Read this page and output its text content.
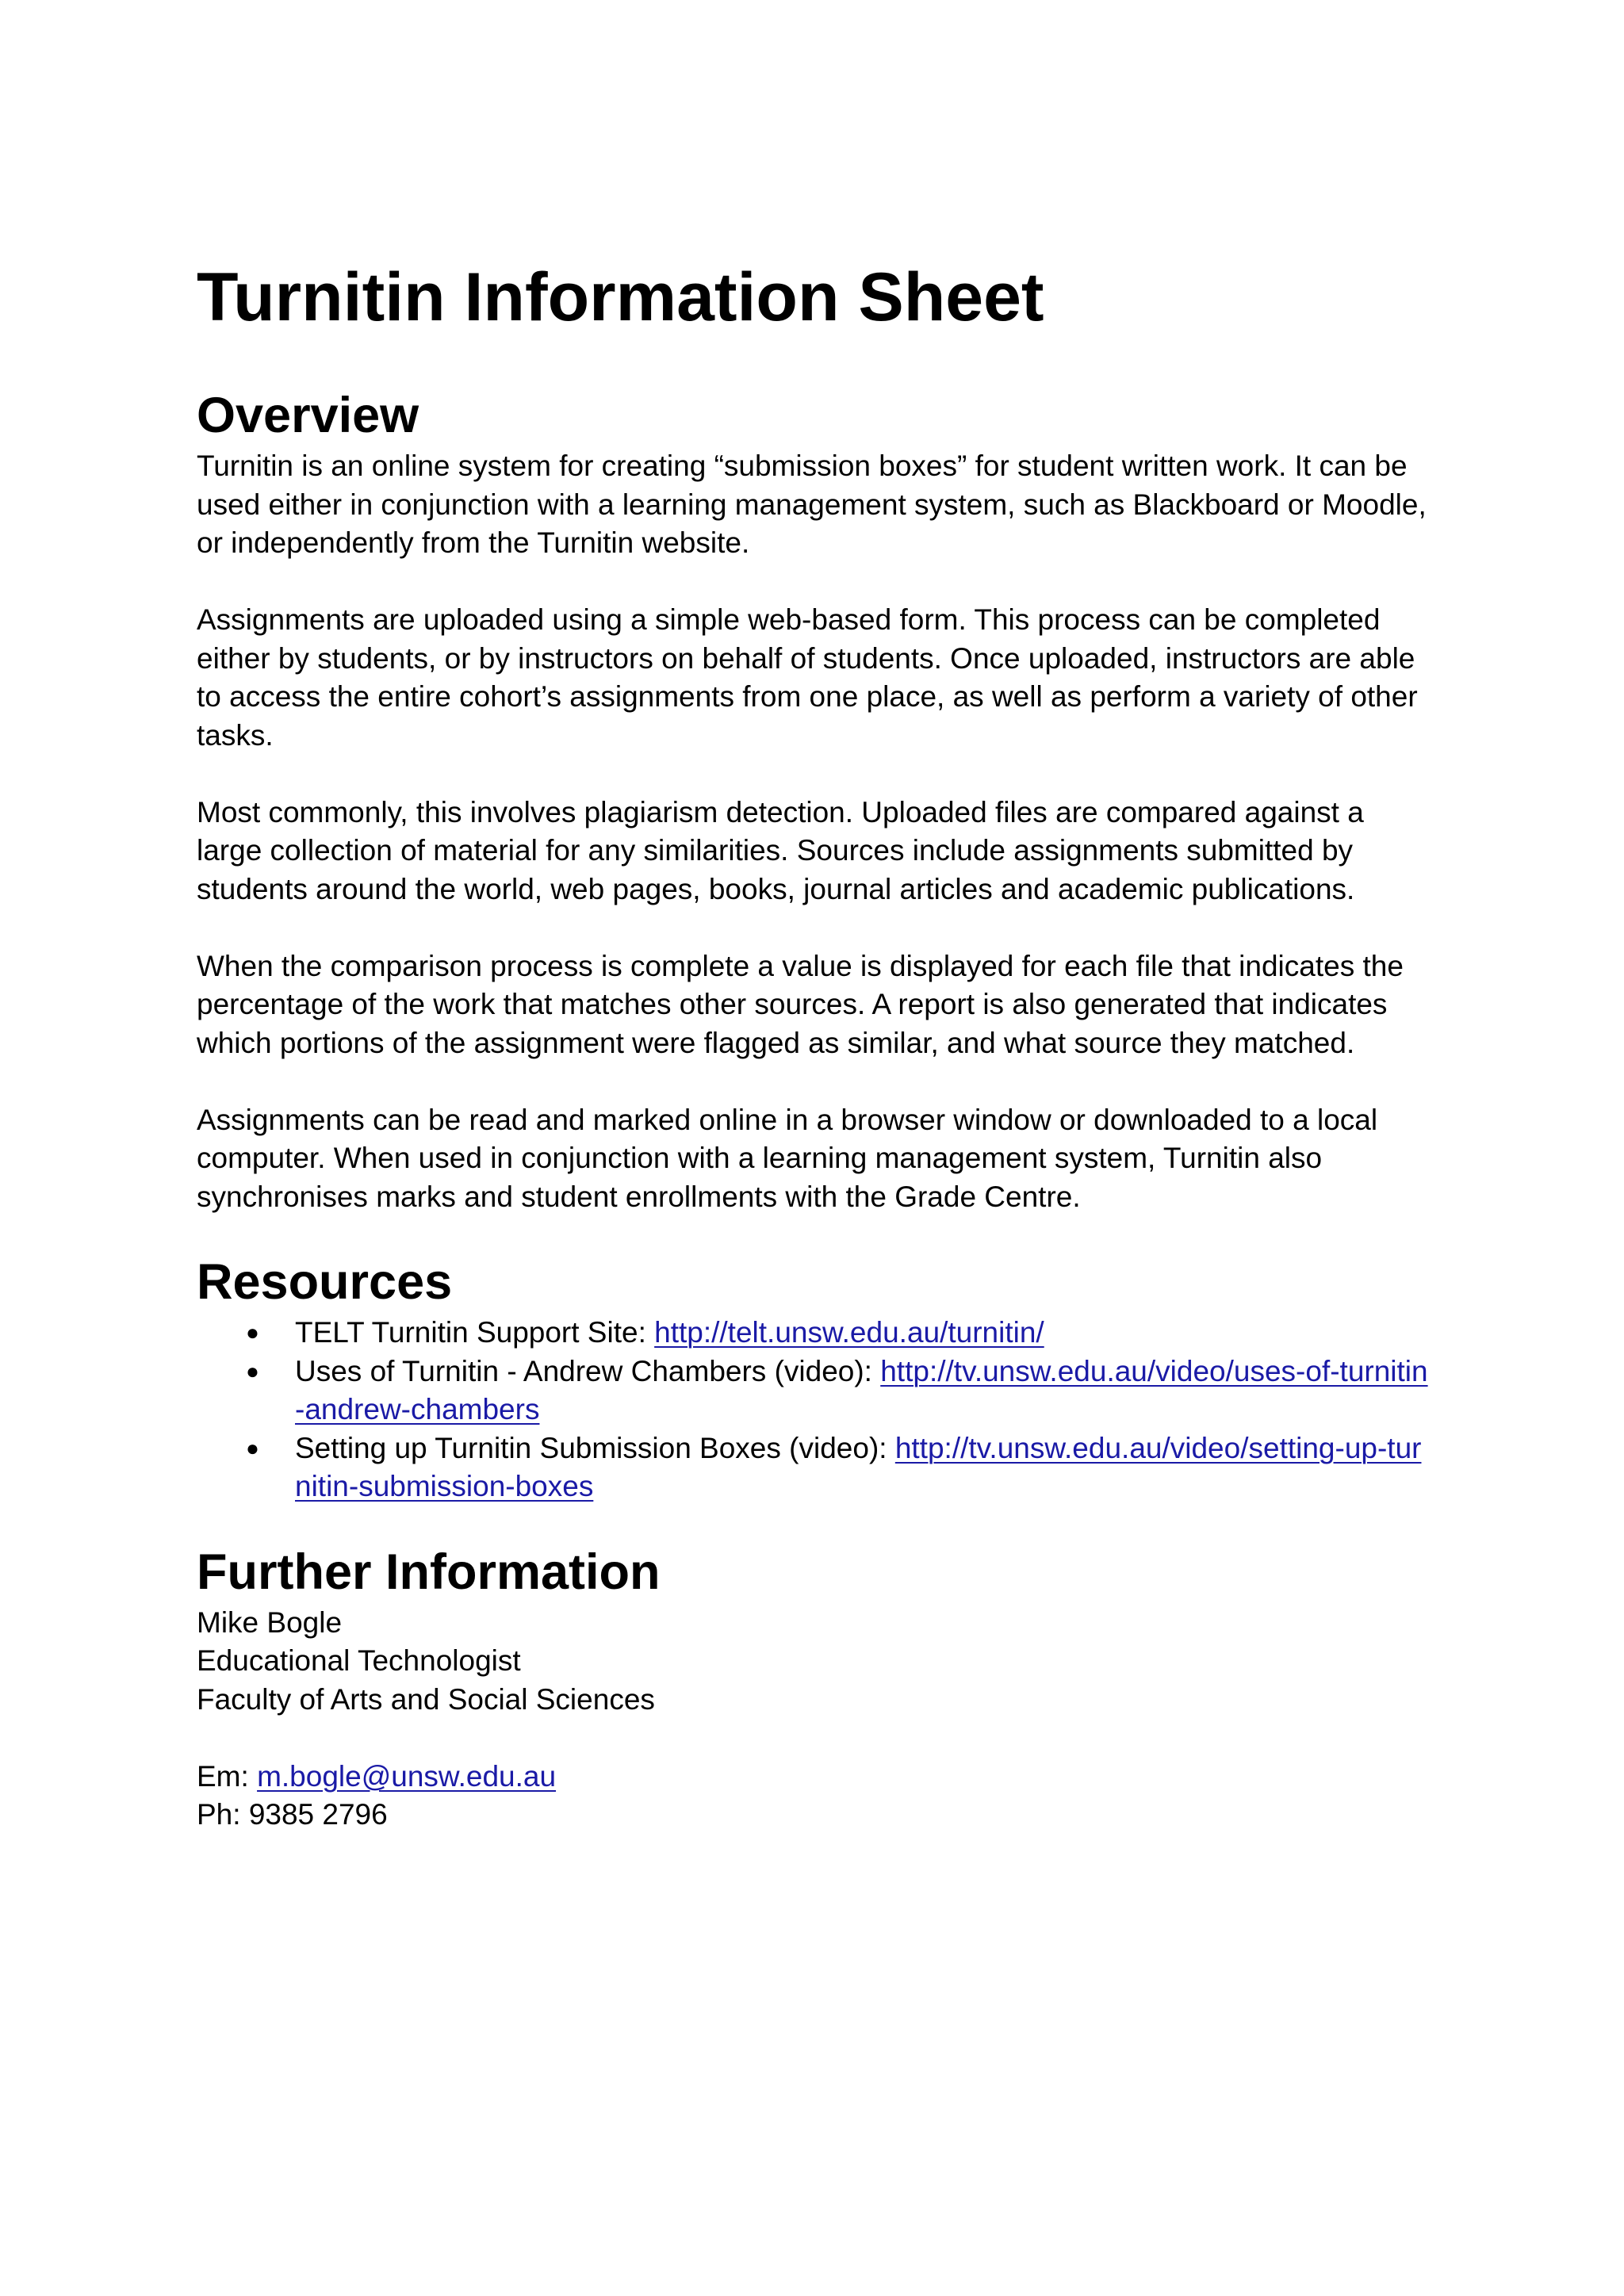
Turnitin Information Sheet
Overview

Turnitin is an online system for creating “submission boxes” for student written work. It can be used either in conjunction with a learning management system, such as Blackboard or Moodle, or independently from the Turnitin website.

Assignments are uploaded using a simple web-based form. This process can be completed either by students, or by instructors on behalf of students. Once uploaded, instructors are able to access the entire cohort’s assignments from one place, as well as perform a variety of other tasks.

Most commonly, this involves plagiarism detection. Uploaded files are compared against a large collection of material for any similarities. Sources include assignments submitted by students around the world, web pages, books, journal articles and academic publications.

When the comparison process is complete a value is displayed for each file that indicates the percentage of the work that matches other sources. A report is also generated that indicates which portions of the assignment were flagged as similar, and what source they matched.

Assignments can be read and marked online in a browser window or downloaded to a local computer. When used in conjunction with a learning management system, Turnitin also synchronises marks and student enrollments with the Grade Centre.

Resources
●	TELT Turnitin Support Site: http://telt.unsw.edu.au/turnitin/
●	Uses of Turnitin - Andrew Chambers (video): http://tv.unsw.edu.au/video/uses-of-turnitin-andrew-chambers
●	Setting up Turnitin Submission Boxes (video): http://tv.unsw.edu.au/video/setting-up-turnitin-submission-boxes
Further Information
Mike Bogle
Educational Technologist
Faculty of Arts and Social Sciences
Em: m.bogle@unsw.edu.au
Ph: 9385 2796
